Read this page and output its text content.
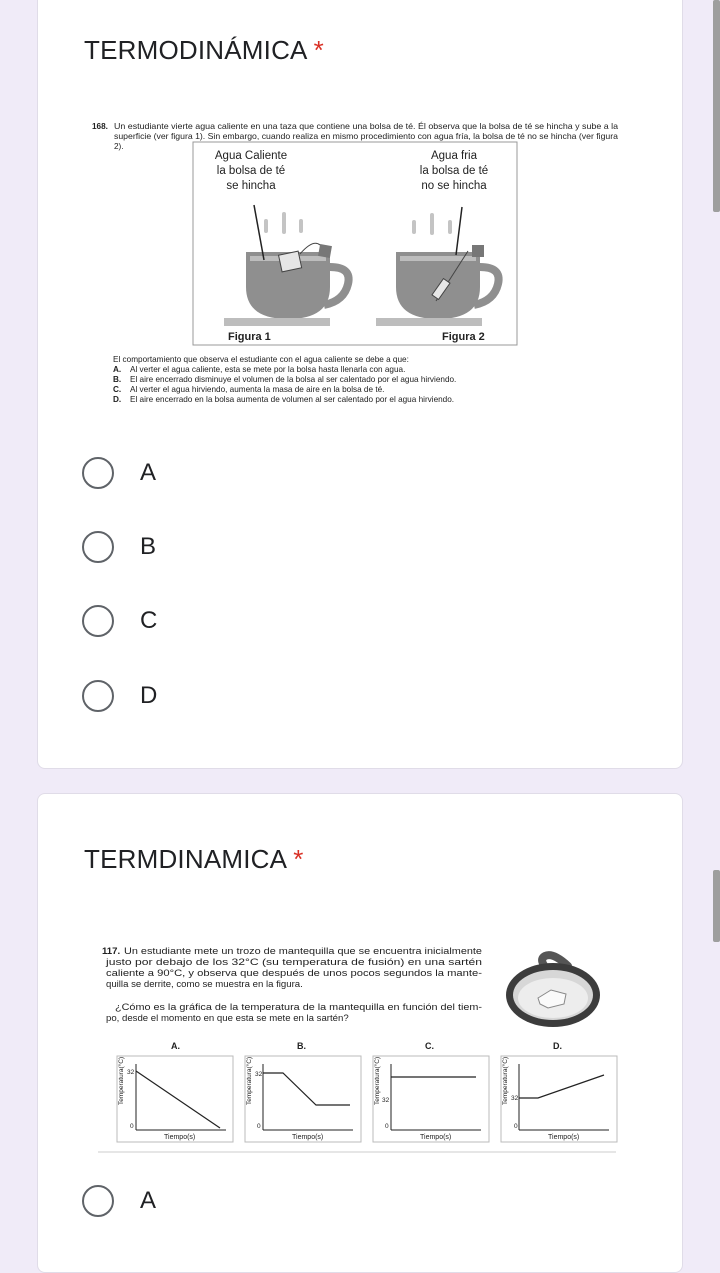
TERMODINÁMICA *
168. Un estudiante vierte agua caliente en una taza que contiene una bolsa de té. Él observa que la bolsa de té se hincha y sube a la
superficie (ver figura 1). Sin embargo, cuando realiza en mismo procedimiento con agua fría, la bolsa de té no se hincha (ver figura
2).
Agua Caliente
la bolsa de té
se hincha
Agua fria
la bolsa de té
no se hincha
Figura 1	Figura 2
El comportamiento que observa el estudiante con el agua caliente se debe a que:
A. Al verter el agua caliente, esta se mete por la bolsa hasta llenarla con agua.
B. El aire encerrado disminuye el volumen de la bolsa al ser calentado por el agua hirviendo.
C. Al verter el agua hirviendo, aumenta la masa de aire en la bolsa de té.
D. El aire encerrado en la bolsa aumenta de volumen al ser calentado por el agua hirviendo.
A
B
C
D
TERMDINAMICA *
117. Un estudiante mete un trozo de mantequilla que se encuentra inicialmente
justo por debajo de los 32°C (su temperatura de fusión) en una sartén
caliente a 90°C, y observa que después de unos pocos segundos la mante-
quilla se derrite, como se muestra en la figura.
¿Cómo es la gráfica de la temperatura de la mantequilla en función del tiem-
po, desde el momento en que esta se mete en la sartén?
A.
Temperatura(°C) 32
0
Tiempo(s)
B.
Temperatura(°C) 32
0
Tiempo(s)
C.
Temperatura(°C) 32
0
Tiempo(s)
D.
Temperatura(°C) 32
0
Tiempo(s)
A
